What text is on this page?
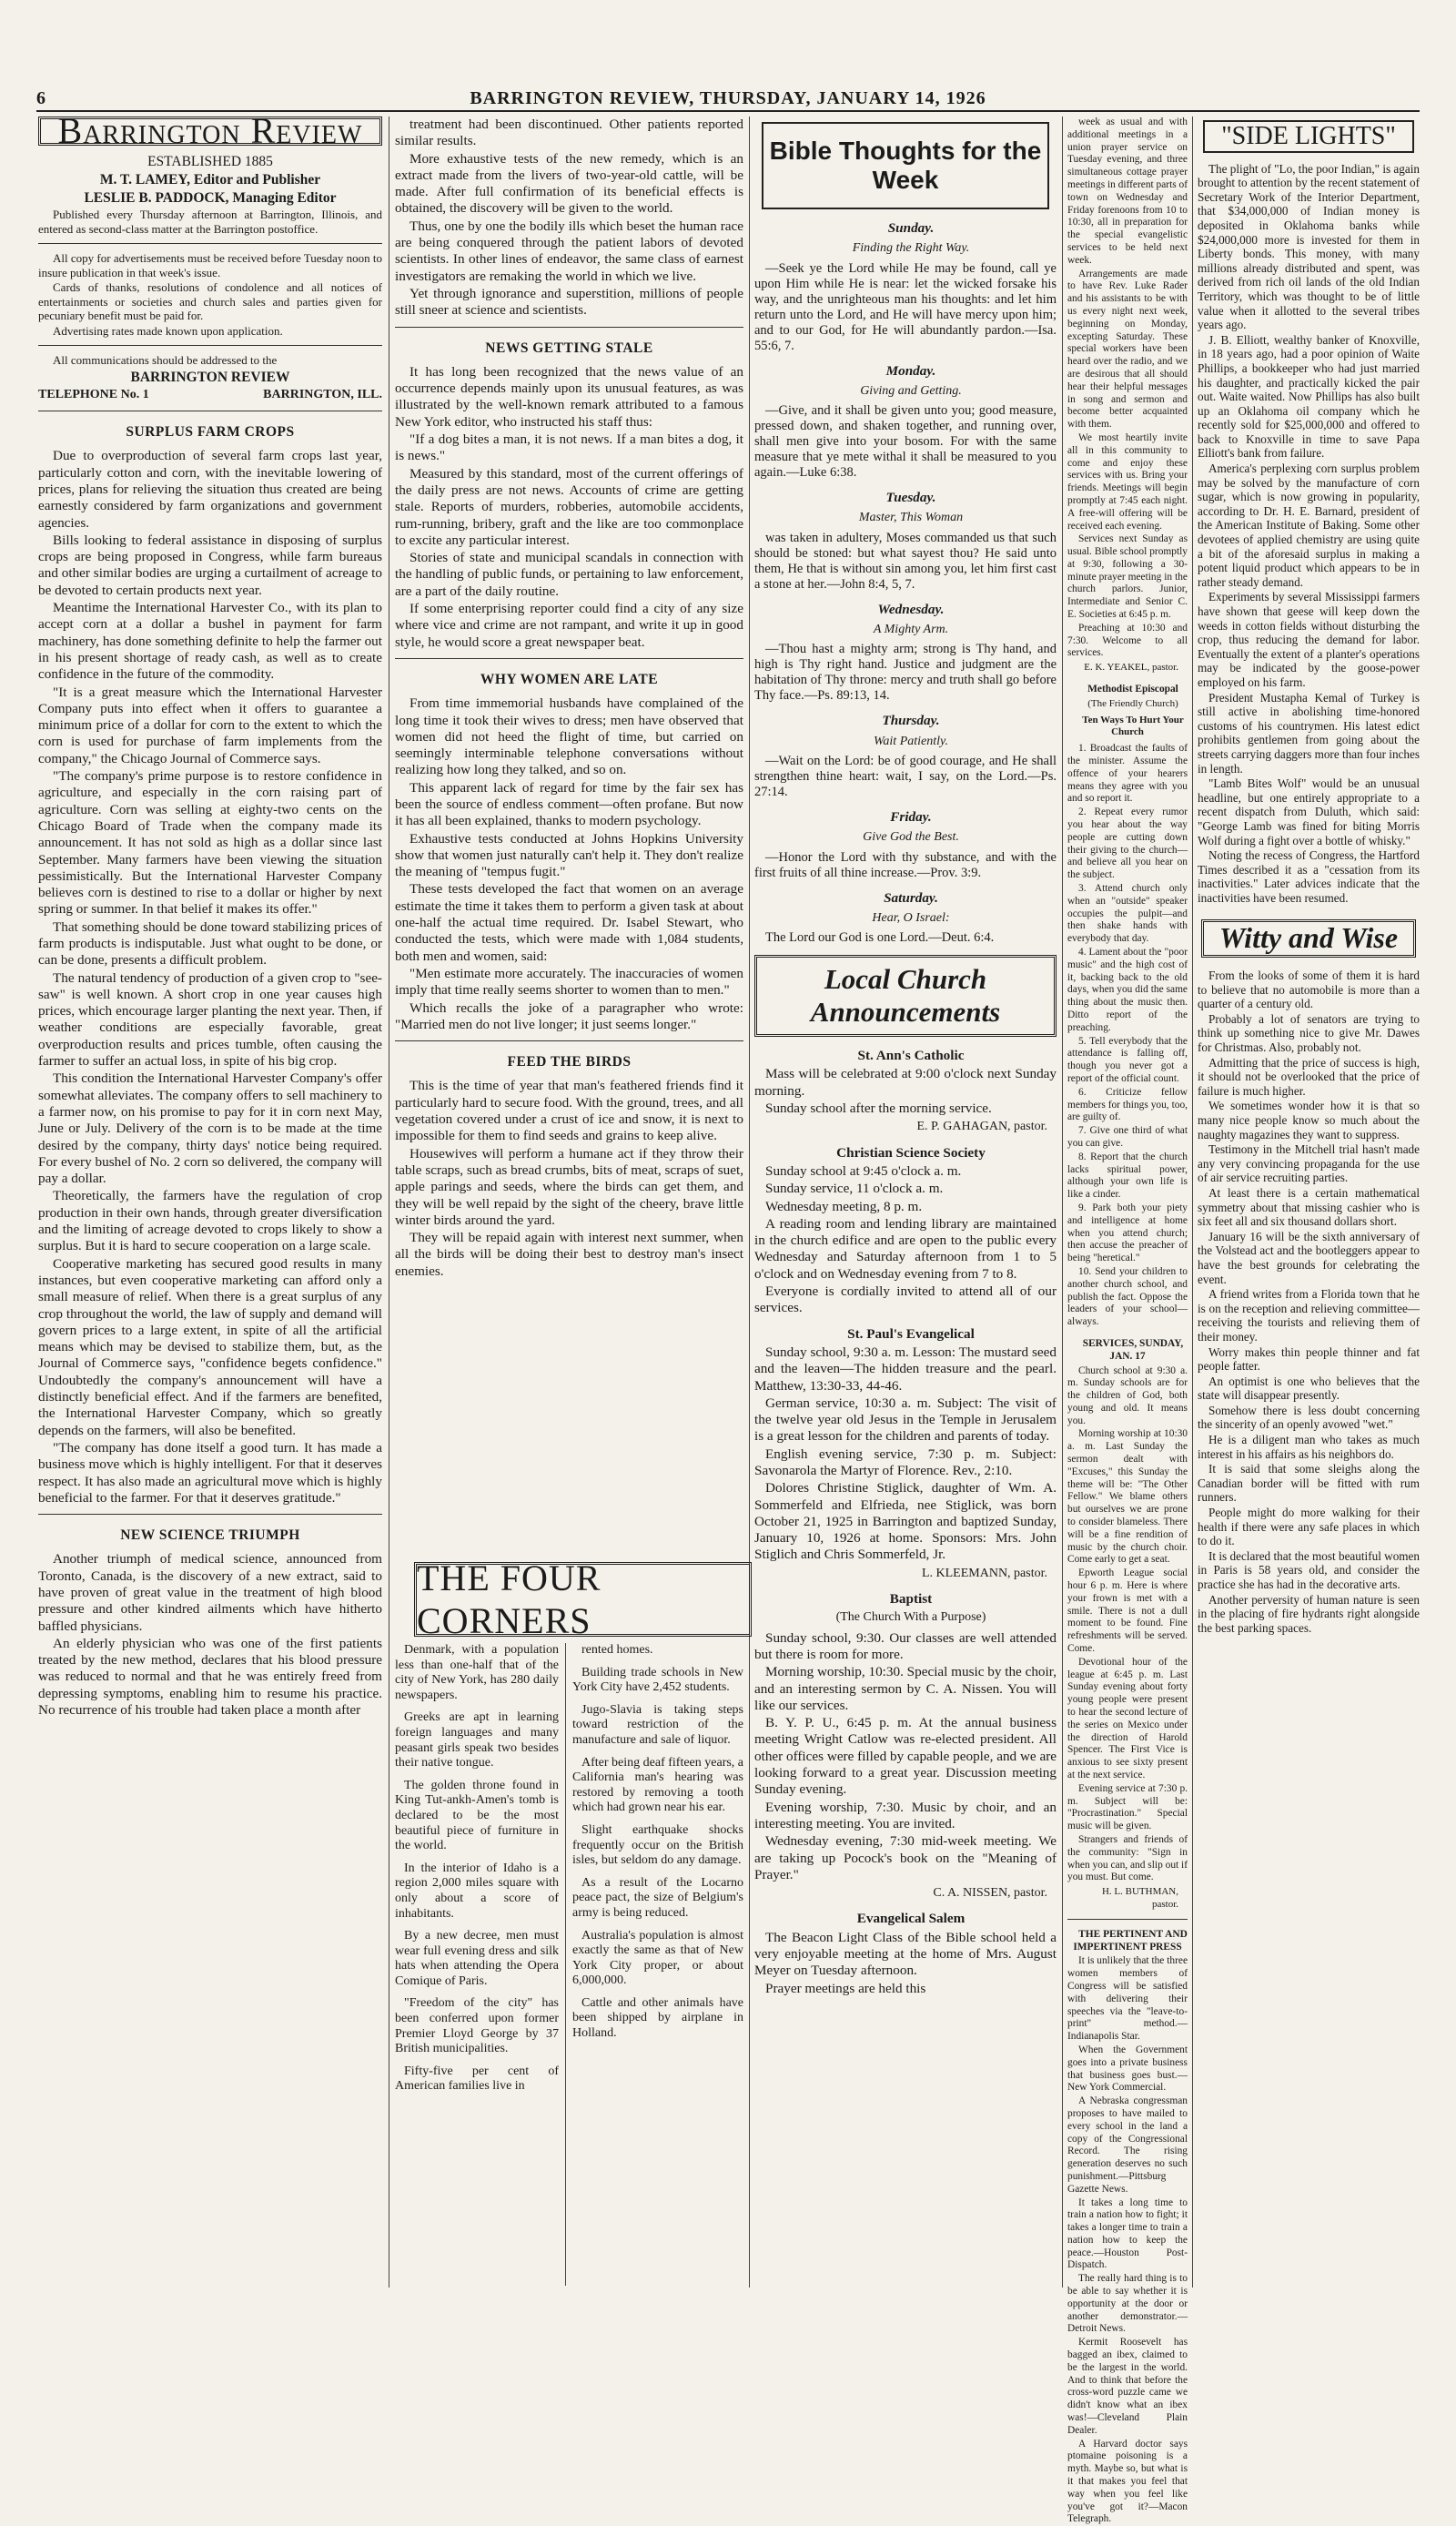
6	BARRINGTON REVIEW, THURSDAY, JANUARY 14, 1926
Barrington Review

ESTABLISHED 1885

M. T. LAMEY, Editor and Publisher

LESLIE B. PADDOCK, Managing Editor

Published every Thursday afternoon at Barrington, Illinois, and entered as second-class matter at the Barrington postoffice.

All copy for advertisements must be received before Tuesday noon to insure publication in that week's issue.

Cards of thanks, resolutions of condolence and all notices of entertainments or societies and church sales and parties given for pecuniary benefit must be paid for.

Advertising rates made known upon application.

All communications should be addressed to the

BARRINGTON REVIEW

TELEPHONE No. 1	BARRINGTON, ILL.
SURPLUS FARM CROPS

Due to overproduction of several farm crops last year, particularly cotton and corn, with the inevitable lowering of prices, plans for relieving the situation thus created are being earnestly considered by farm organizations and government agencies.

Bills looking to federal assistance in disposing of surplus crops are being proposed in Congress, while farm bureaus and other similar bodies are urging a curtailment of acreage to be devoted to certain products next year.

Meantime the International Harvester Co., with its plan to accept corn at a dollar a bushel in payment for farm machinery, has done something definite to help the farmer out in his present shortage of ready cash, as well as to create confidence in the future of the commodity.

"It is a great measure which the International Harvester Company puts into effect when it offers to guarantee a minimum price of a dollar for corn to the extent to which the corn is used for purchase of farm implements from the company," the Chicago Journal of Commerce says.

"The company's prime purpose is to restore confidence in agriculture, and especially in the corn raising part of agriculture. Corn was selling at eighty-two cents on the Chicago Board of Trade when the company made its announcement. It has not sold as high as a dollar since last September. Many farmers have been viewing the situation pessimistically. But the International Harvester Company believes corn is destined to rise to a dollar or higher by next spring or summer. In that belief it makes its offer."

That something should be done toward stabilizing prices of farm products is indisputable. Just what ought to be done, or can be done, presents a difficult problem.

The natural tendency of production of a given crop to "see-saw" is well known. A short crop in one year causes high prices, which encourage larger planting the next year. Then, if weather conditions are especially favorable, great overproduction results and prices tumble, often causing the farmer to suffer an actual loss, in spite of his big crop.

This condition the International Harvester Company's offer somewhat alleviates. The company offers to sell machinery to a farmer now, on his promise to pay for it in corn next May, June or July. Delivery of the corn is to be made at the time desired by the company, thirty days' notice being required. For every bushel of No. 2 corn so delivered, the company will pay a dollar.

Theoretically, the farmers have the regulation of crop production in their own hands, through greater diversification and the limiting of acreage devoted to crops likely to show a surplus. But it is hard to secure cooperation on a large scale.

Cooperative marketing has secured good results in many instances, but even cooperative marketing can afford only a small measure of relief. When there is a great surplus of any crop throughout the world, the law of supply and demand will govern prices to a large extent, in spite of all the artificial means which may be devised to stabilize them, but, as the Journal of Commerce says, "confidence begets confidence." Undoubtedly the company's announcement will have a distinctly beneficial effect. And if the farmers are benefited, the International Harvester Company, which so greatly depends on the farmers, will also be benefited.

"The company has done itself a good turn. It has made a business move which is highly intelligent. For that it deserves respect. It has also made an agricultural move which is highly beneficial to the farmer. For that it deserves gratitude."

NEW SCIENCE TRIUMPH

Another triumph of medical science, announced from Toronto, Canada, is the discovery of a new extract, said to have proven of great value in the treatment of high blood pressure and other kindred ailments which have hitherto baffled physicians.

An elderly physician who was one of the first patients treated by the new method, declares that his blood pressure was reduced to normal and that he was entirely freed from depressing symptoms, enabling him to resume his practice. No recurrence of his trouble had taken place a month after

treatment had been discontinued. Other patients reported similar results.

More exhaustive tests of the new remedy, which is an extract made from the livers of two-year-old cattle, will be made. After full confirmation of its beneficial effects is obtained, the discovery will be given to the world.

Thus, one by one the bodily ills which beset the human race are being conquered through the patient labors of devoted scientists. In other lines of endeavor, the same class of earnest investigators are remaking the world in which we live.

Yet through ignorance and superstition, millions of people still sneer at science and scientists.

NEWS GETTING STALE

It has long been recognized that the news value of an occurrence depends mainly upon its unusual features, as was illustrated by the well-known remark attributed to a famous New York editor, who instructed his staff thus:

"If a dog bites a man, it is not news. If a man bites a dog, it is news."

Measured by this standard, most of the current offerings of the daily press are not news. Accounts of crime are getting stale. Reports of murders, robberies, automobile accidents, rum-running, bribery, graft and the like are too commonplace to excite any particular interest.

Stories of state and municipal scandals in connection with the handling of public funds, or pertaining to law enforcement, are a part of the daily routine.

If some enterprising reporter could find a city of any size where vice and crime are not rampant, and write it up in good style, he would score a great newspaper beat.

WHY WOMEN ARE LATE

From time immemorial husbands have complained of the long time it took their wives to dress; men have observed that women did not heed the flight of time, but carried on seemingly interminable telephone conversations without realizing how long they talked, and so on.

This apparent lack of regard for time by the fair sex has been the source of endless comment—often profane. But now it has all been explained, thanks to modern psychology.

Exhaustive tests conducted at Johns Hopkins University show that women just naturally can't help it. They don't realize the meaning of "tempus fugit."

These tests developed the fact that women on an average estimate the time it takes them to perform a given task at about one-half the actual time required. Dr. Isabel Stewart, who conducted the tests, which were made with 1,084 students, both men and women, said:

"Men estimate more accurately. The inaccuracies of women imply that time really seems shorter to women than to men."

Which recalls the joke of a paragrapher who wrote: "Married men do not live longer; it just seems longer."

FEED THE BIRDS

This is the time of year that man's feathered friends find it particularly hard to secure food. With the ground, trees, and all vegetation covered under a crust of ice and snow, it is next to impossible for them to find seeds and grains to keep alive.

Housewives will perform a humane act if they throw their table scraps, such as bread crumbs, bits of meat, scraps of suet, apple parings and seeds, where the birds can get them, and they will be well repaid by the sight of the cheery, brave little winter birds around the yard.

They will be repaid again with interest next summer, when all the birds will be doing their best to destroy man's insect enemies.

THE FOUR CORNERS

Denmark, with a population less than one-half that of the city of New York, has 280 daily newspapers.

Greeks are apt in learning foreign languages and many peasant girls speak two besides their native tongue.

The golden throne found in King Tut-ankh-Amen's tomb is declared to be the most beautiful piece of furniture in the world.

In the interior of Idaho is a region 2,000 miles square with only about a score of inhabitants.

By a new decree, men must wear full evening dress and silk hats when attending the Opera Comique of Paris.

"Freedom of the city" has been conferred upon former Premier Lloyd George by 37 British municipalities.

Fifty-five per cent of American families live in

rented homes.

Building trade schools in New York City have 2,452 students.

Jugo-Slavia is taking steps toward restriction of the manufacture and sale of liquor.

After being deaf fifteen years, a California man's hearing was restored by removing a tooth which had grown near his ear.

Slight earthquake shocks frequently occur on the British isles, but seldom do any damage.

As a result of the Locarno peace pact, the size of Belgium's army is being reduced.

Australia's population is almost exactly the same as that of New York City proper, or about 6,000,000.

Cattle and other animals have been shipped by airplane in Holland.

Bible Thoughts for the Week

Sunday.

Finding the Right Way.

—Seek ye the Lord while He may be found, call ye upon Him while He is near: let the wicked forsake his way, and the unrighteous man his thoughts: and let him return unto the Lord, and He will have mercy upon him; and to our God, for He will abundantly pardon.—Isa. 55:6, 7.

Monday.

Giving and Getting.

—Give, and it shall be given unto you; good measure, pressed down, and shaken together, and running over, shall men give into your bosom. For with the same measure that ye mete withal it shall be measured to you again.—Luke 6:38.

Tuesday.

Master, This Woman

was taken in adultery, Moses commanded us that such should be stoned: but what sayest thou? He said unto them, He that is without sin among you, let him first cast a stone at her.—John 8:4, 5, 7.

Wednesday.

A Mighty Arm.

—Thou hast a mighty arm; strong is Thy hand, and high is Thy right hand. Justice and judgment are the habitation of Thy throne: mercy and truth shall go before Thy face.—Ps. 89:13, 14.

Thursday.

Wait Patiently.

—Wait on the Lord: be of good courage, and He shall strengthen thine heart: wait, I say, on the Lord.—Ps. 27:14.

Friday.

Give God the Best.

—Honor the Lord with thy substance, and with the first fruits of all thine increase.—Prov. 3:9.

Saturday.

Hear, O Israel:

The Lord our God is one Lord.—Deut. 6:4.

Local Church Announcements

St. Ann's Catholic

Mass will be celebrated at 9:00 o'clock next Sunday morning.

Sunday school after the morning service.

E. P. GAHAGAN, pastor.

Christian Science Society

Sunday school at 9:45 o'clock a. m.

Sunday service, 11 o'clock a. m.

Wednesday meeting, 8 p. m.

A reading room and lending library are maintained in the church edifice and are open to the public every Wednesday and Saturday afternoon from 1 to 5 o'clock and on Wednesday evening from 7 to 8.

Everyone is cordially invited to attend all of our services.

St. Paul's Evangelical

Sunday school, 9:30 a. m. Lesson: The mustard seed and the leaven—The hidden treasure and the pearl. Matthew, 13:30-33, 44-46.

German service, 10:30 a. m. Subject: The visit of the twelve year old Jesus in the Temple in Jerusalem is a great lesson for the children and parents of today.

English evening service, 7:30 p. m. Subject: Savonarola the Martyr of Florence. Rev., 2:10.

Dolores Christine Stiglick, daughter of Wm. A. Sommerfeld and Elfrieda, nee Stiglick, was born October 21, 1925 in Barrington and baptized Sunday, January 10, 1926 at home. Sponsors: Mrs. John Stiglich and Chris Sommerfeld, Jr.

L. KLEEMANN, pastor.

Baptist

(The Church With a Purpose)

Sunday school, 9:30. Our classes are well attended but there is room for more.

Morning worship, 10:30. Special music by the choir, and an interesting sermon by C. A. Nissen. You will like our services.

B. Y. P. U., 6:45 p. m. At the annual business meeting Wright Catlow was re-elected president. All other offices were filled by capable people, and we are looking forward to a great year. Discussion meeting Sunday evening.

Evening worship, 7:30. Music by choir, and an interesting meeting. You are invited.

Wednesday evening, 7:30 mid-week meeting. We are taking up Pocock's book on the "Meaning of Prayer."

C. A. NISSEN, pastor.

Evangelical Salem

The Beacon Light Class of the Bible school held a very enjoyable meeting at the home of Mrs. August Meyer on Tuesday afternoon.

Prayer meetings are held this

week as usual and with additional meetings in a union prayer service on Tuesday evening, and three simultaneous cottage prayer meetings in different parts of town on Wednesday and Friday forenoons from 10 to 10:30, all in preparation for the special evangelistic services to be held next week.

Arrangements are made to have Rev. Luke Rader and his assistants to be with us every night next week, beginning on Monday, excepting Saturday. These special workers have been heard over the radio, and we are desirous that all should hear their helpful messages in song and sermon and become better acquainted with them.

We most heartily invite all in this community to come and enjoy these services with us. Bring your friends. Meetings will begin promptly at 7:45 each night. A free-will offering will be received each evening.

Services next Sunday as usual. Bible school promptly at 9:30, following a 30-minute prayer meeting in the church parlors. Junior, Intermediate and Senior C. E. Societies at 6:45 p. m.

Preaching at 10:30 and 7:30. Welcome to all services.

E. K. YEAKEL, pastor.

Methodist Episcopal

(The Friendly Church)

Ten Ways To Hurt Your Church

1. Broadcast the faults of the minister. Assume the offence of your hearers means they agree with you and so report it.

2. Repeat every rumor you hear about the way people are cutting down their giving to the church—and believe all you hear on the subject.

3. Attend church only when an "outside" speaker occupies the pulpit—and then shake hands with everybody that day.

4. Lament about the "poor music" and the high cost of it, backing back to the old days, when you did the same thing about the music then. Ditto report of the preaching.

5. Tell everybody that the attendance is falling off, though you never got a report of the official count.

6. Criticize fellow members for things you, too, are guilty of.

7. Give one third of what you can give.

8. Report that the church lacks spiritual power, although your own life is like a cinder.

9. Park both your piety and intelligence at home when you attend church; then accuse the preacher of being "heretical."

10. Send your children to another church school, and publish the fact. Oppose the leaders of your school—always.

SERVICES, SUNDAY, JAN. 17

Church school at 9:30 a. m. Sunday schools are for the children of God, both young and old. It means you.

Morning worship at 10:30 a. m. Last Sunday the sermon dealt with "Excuses," this Sunday the theme will be: "The Other Fellow." We blame others but ourselves we are prone to consider blameless. There will be a fine rendition of music by the church choir. Come early to get a seat.

Epworth League social hour 6 p. m. Here is where your frown is met with a smile. There is not a dull moment to be found. Fine refreshments will be served. Come.

Devotional hour of the league at 6:45 p. m. Last Sunday evening about forty young people were present to hear the second lecture of the series on Mexico under the direction of Harold Spencer. The First Vice is anxious to see sixty present at the next service.

Evening service at 7:30 p. m. Subject will be: "Procrastination." Special music will be given.

Strangers and friends of the community: "Sign in when you can, and slip out if you must. But come.

H. L. BUTHMAN, pastor.

THE PERTINENT AND IMPERTINENT PRESS

It is unlikely that the three women members of Congress will be satisfied with delivering their speeches via the "leave-to-print" method.—Indianapolis Star.

When the Government goes into a private business that business goes bust.—New York Commercial.

A Nebraska congressman proposes to have mailed to every school in the land a copy of the Congressional Record. The rising generation deserves no such punishment.—Pittsburg Gazette News.

It takes a long time to train a nation how to fight; it takes a longer time to train a nation how to keep the peace.—Houston Post-Dispatch.

The really hard thing is to be able to say whether it is opportunity at the door or another demonstrator.—Detroit News.

Kermit Roosevelt has bagged an ibex, claimed to be the largest in the world. And to think that before the cross-word puzzle came we didn't know what an ibex was!—Cleveland Plain Dealer.

A Harvard doctor says ptomaine poisoning is a myth. Maybe so, but what is it that makes you feel that way when you feel like you've got it?—Macon Telegraph.

"SIDE LIGHTS"

The plight of "Lo, the poor Indian," is again brought to attention by the recent statement of Secretary Work of the Interior Department, that $34,000,000 of Indian money is deposited in Oklahoma banks while $24,000,000 more is invested for them in Liberty bonds. This money, with many millions already distributed and spent, was derived from rich oil lands of the old Indian Territory, which was thought to be of little value when it allotted to the several tribes years ago.

J. B. Elliott, wealthy banker of Knoxville, in 18 years ago, had a poor opinion of Waite Phillips, a bookkeeper who had just married his daughter, and practically kicked the pair out. Waite waited. Now Phillips has also built up an Oklahoma oil company which he recently sold for $25,000,000 and offered to back to Knoxville in time to save Papa Elliott's bank from failure.

America's perplexing corn surplus problem may be solved by the manufacture of corn sugar, which is now growing in popularity, according to Dr. H. E. Barnard, president of the American Institute of Baking. Some other devotees of applied chemistry are using quite a bit of the aforesaid surplus in making a potent liquid product which appears to be in rather steady demand.

Experiments by several Mississippi farmers have shown that geese will keep down the weeds in cotton fields without disturbing the crop, thus reducing the demand for labor. Eventually the extent of a planter's operations may be indicated by the goose-power employed on his farm.

President Mustapha Kemal of Turkey is still active in abolishing time-honored customs of his countrymen. His latest edict prohibits gentlemen from going about the streets carrying daggers more than four inches in length.

"Lamb Bites Wolf" would be an unusual headline, but one entirely appropriate to a recent dispatch from Duluth, which said: "George Lamb was fined for biting Morris Wolf during a fight over a bottle of whisky."

Noting the recess of Congress, the Hartford Times described it as a "cessation from its inactivities." Later advices indicate that the inactivities have been resumed.

Witty and Wise

From the looks of some of them it is hard to believe that no automobile is more than a quarter of a century old.

Probably a lot of senators are trying to think up something nice to give Mr. Dawes for Christmas. Also, probably not.

Admitting that the price of success is high, it should not be overlooked that the price of failure is much higher.

We sometimes wonder how it is that so many nice people know so much about the naughty magazines they want to suppress.

Testimony in the Mitchell trial hasn't made any very convincing propaganda for the use of air service recruiting parties.

At least there is a certain mathematical symmetry about that missing cashier who is six feet all and six thousand dollars short.

January 16 will be the sixth anniversary of the Volstead act and the bootleggers appear to have the best grounds for celebrating the event.

A friend writes from a Florida town that he is on the reception and relieving committee—receiving the tourists and relieving them of their money.

Worry makes thin people thinner and fat people fatter.

An optimist is one who believes that the state will disappear presently.

Somehow there is less doubt concerning the sincerity of an openly avowed "wet."

He is a diligent man who takes as much interest in his affairs as his neighbors do.

It is said that some sleighs along the Canadian border will be fitted with rum runners.

People might do more walking for their health if there were any safe places in which to do it.

It is declared that the most beautiful women in Paris is 58 years old, and consider the practice she has had in the decorative arts.

Another perversity of human nature is seen in the placing of fire hydrants right alongside the best parking spaces.
